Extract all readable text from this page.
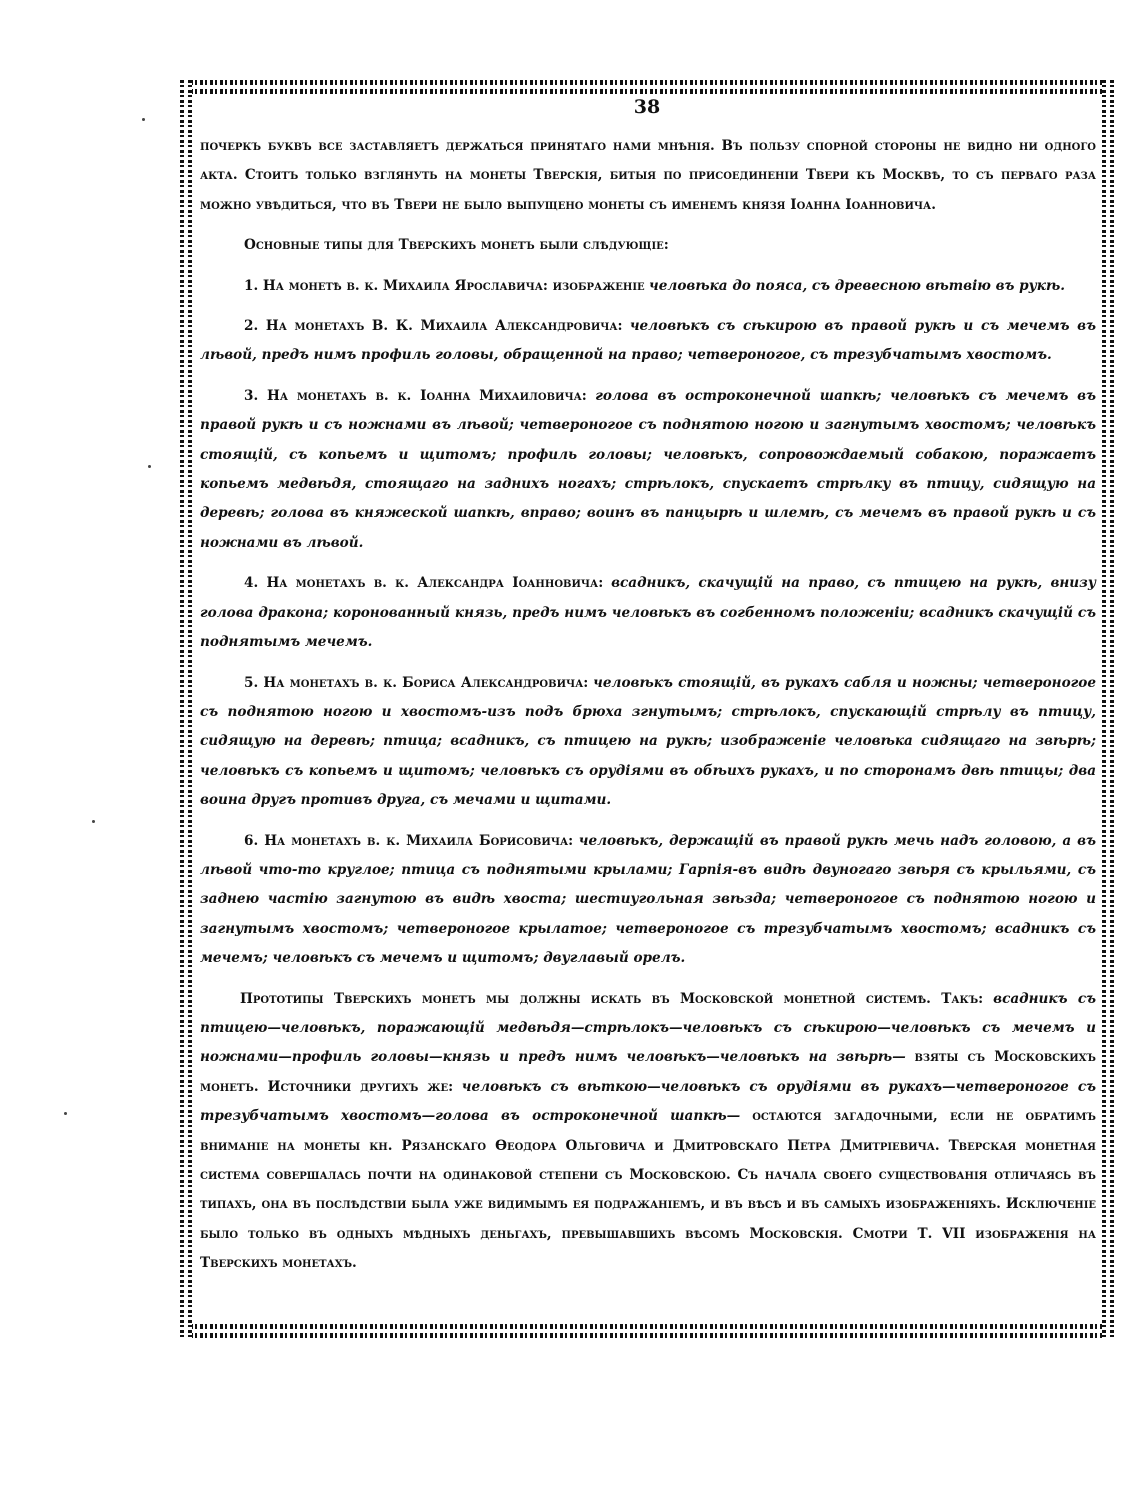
38

почеркъ буквъ все заставляетъ держаться принятаго нами мнѣнія. Въ пользу спорной стороны не видно ни одного акта. Стоитъ только взглянуть на монеты Тверскія, битыя по присоединеніи Твери къ Москвѣ, то съ перваго раза можно увѣдиться, что въ Твери не было выпущено монеты съ именемъ князя Іоанна Іоанновича.

Основные типы для Тверскихъ монетъ были слѣдующіе:

1. На монетѣ в. к. Михаила Ярославича: изображеніе человѣка до пояса, съ древесною вѣтвію въ рукѣ.

2. На монетахъ В. К. Михаила Александровича: человѣкъ съ сѣкирою въ правой рукѣ и съ мечемъ въ лѣвой, предъ нимъ профиль головы, обращенной на право; четвероногое, съ трезубчатымъ хвостомъ.

3. На монетахъ в. к. Іоанна Михаиловича: голова въ остроконечной шапкѣ; человѣкъ съ мечемъ въ правой рукѣ и съ ножнами въ лѣвой; четвероногое съ поднятою ногою и загнутымъ хвостомъ; человѣкъ стоящій, съ копьемъ и щитомъ; профиль головы; человѣкъ, сопровождаемый собакою, поражаетъ копьемъ медвѣдя, стоящаго на заднихъ ногахъ; стрѣлокъ, спускаетъ стрѣлку въ птицу, сидящую на деревѣ; голова въ княжеской шапкѣ, вправо; воинъ въ панцырѣ и шлемѣ, съ мечемъ въ правой рукѣ и съ ножнами въ лѣвой.

4. На монетахъ в. к. Александра Іоанновича: всадникъ, скачущій на право, съ птицею на рукѣ, внизу голова дракона; коронованный князь, предъ нимъ человѣкъ въ согбенномъ положеніи; всадникъ скачущій съ поднятымъ мечемъ.

5. На монетахъ в. к. Бориса Александровича: человѣкъ стоящій, въ рукахъ сабля и ножны; четвероногое съ поднятою ногою и хвостомъ-изъ подъ брюха згнутымъ; стрѣлокъ, спускающій стрѣлу въ птицу, сидящую на деревѣ; птица; всадникъ, съ птицею на рукѣ; изображеніе человѣка сидящаго на звѣрѣ; человѣкъ съ копьемъ и щитомъ; человѣкъ съ орудіями въ обѣихъ рукахъ, и по сторонамъ двѣ птицы; два воина другъ противъ друга, съ мечами и щитами.

6. На монетахъ в. к. Михаила Борисовича: человѣкъ, держащій въ правой рукѣ мечь надъ головою, а въ лѣвой что-то круглое; птица съ поднятыми крылами; Гарпія-въ видѣ двуногаго звѣря съ крыльями, съ заднею частію загнутою въ видѣ хвоста; шестиугольная звѣзда; четвероногое съ поднятою ногою и загнутымъ хвостомъ; четвероногое крылатое; четвероногое съ трезубчатымъ хвостомъ; всадникъ съ мечемъ; человѣкъ съ мечемъ и щитомъ; двуглавый орелъ.

Прототипы Тверскихъ монетъ мы должны искать въ Московской монетной системѣ. Такъ: всадникъ съ птицею—человѣкъ, поражающій медвѣдя—стрѣлокъ—человѣкъ съ сѣкирою—человѣкъ съ мечемъ и ножнами—профиль головы—князь и предъ нимъ человѣкъ—человѣкъ на звѣрѣ— взяты съ Московскихъ монетъ. Источники другихъ же: человѣкъ съ вѣткою—человѣкъ съ орудіями въ рукахъ—четвероногое съ трезубчатымъ хвостомъ—голова въ остроконечной шапкѣ— остаются загадочными, если не обратимъ вниманіе на монеты кн. Рязанскаго Ѳеодора Ольговича и Дмитровскаго Петра Дмитріевича. Тверская монетная система совершалась почти на одинаковой степени съ Московскою. Съ начала своего существованія отличаясь въ типахъ, она въ послѣдствіи была уже видимымъ ея подражаніемъ, и въ вѣсѣ и въ самыхъ изображеніяхъ. Исключеніе было только въ одныхъ мѣдныхъ деньгахъ, превышавшихъ вѣсомъ Московскія. Смотри Т. VII изображенія на Тверскихъ монетахъ.
